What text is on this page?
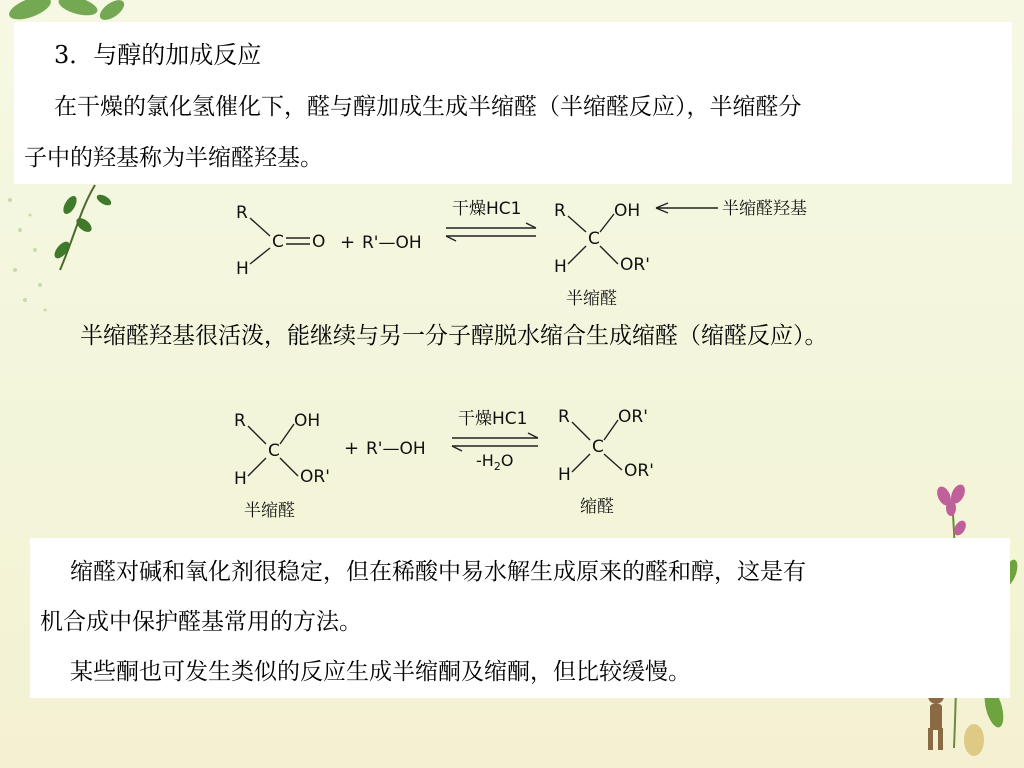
3．与醇的加成反应
在干燥的氯化氢催化下，醛与醇加成生成半缩醛（半缩醛反应），半缩醛分
子中的羟基称为半缩醛羟基。
R
C
H
O + R'—OH
干燥HC1 R	OH
C
H	OR'
半缩醛
半缩醛羟基
半缩醛羟基很活泼，能继续与另一分子醇脱水缩合生成缩醛（缩醛反应）。
R	OH
C
H	OR'
半缩醛
+ R'—OH
干燥HC1
$-H_2O$
R	OR'
C
H	OR'
缩醛
缩醛对碱和氧化剂很稳定，但在稀酸中易水解生成原来的醛和醇，这是有
机合成中保护醛基常用的方法。
某些酮也可发生类似的反应生成半缩酮及缩酮，但比较缓慢。
